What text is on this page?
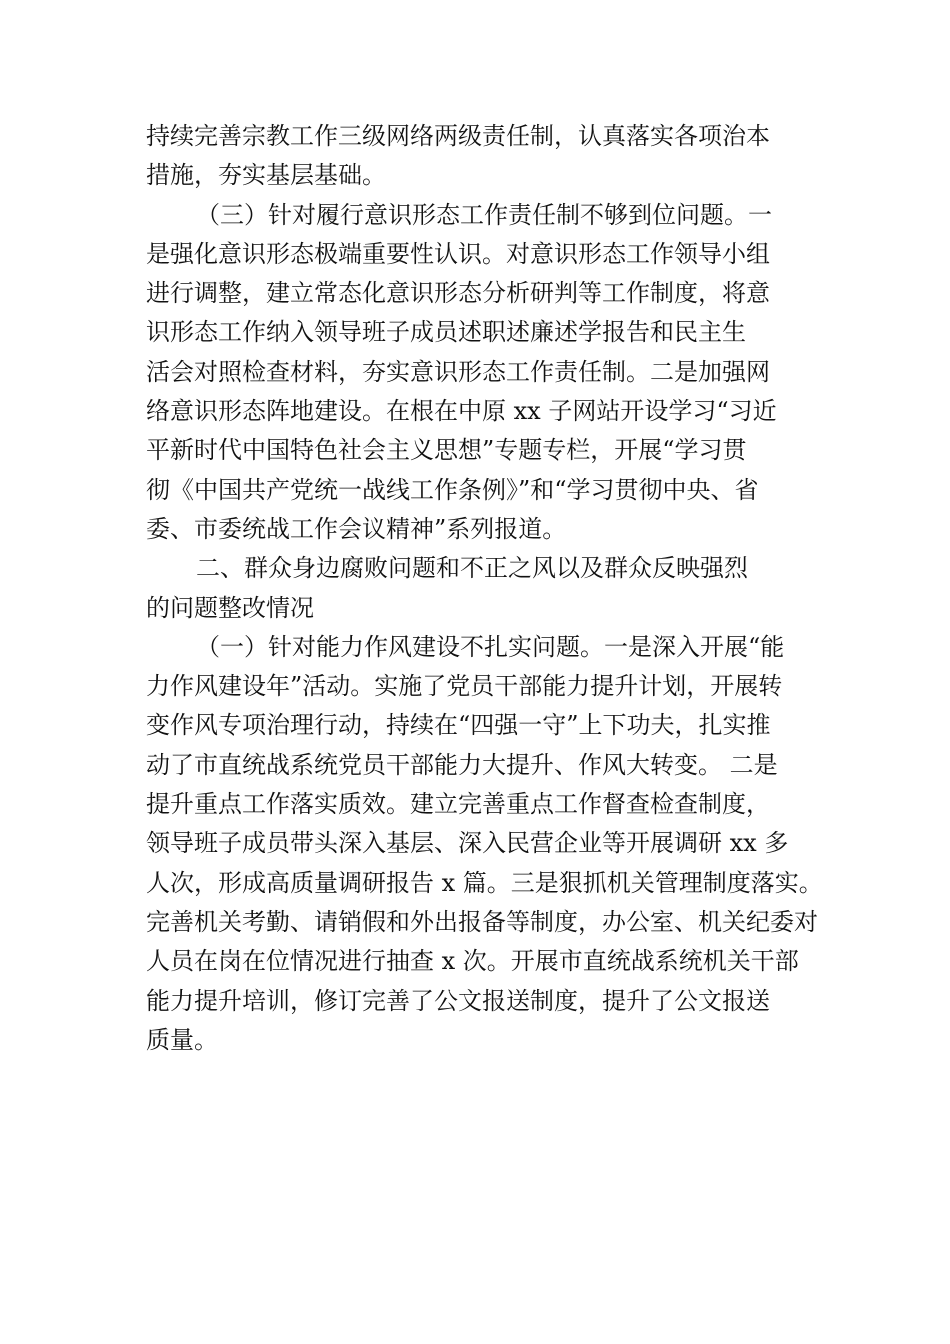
持续完善宗教工作三级网络两级责任制，认真落实各项治本
措施，夯实基层基础。
（三）针对履行意识形态工作责任制不够到位问题。一
是强化意识形态极端重要性认识。对意识形态工作领导小组
进行调整，建立常态化意识形态分析研判等工作制度，将意
识形态工作纳入领导班子成员述职述廉述学报告和民主生
活会对照检查材料，夯实意识形态工作责任制。二是加强网
络意识形态阵地建设。在根在中原 xx 子网站开设学习“习近
平新时代中国特色社会主义思想”专题专栏，开展“学习贯
彻《中国共产党统一战线工作条例》”和“学习贯彻中央、省
委、市委统战工作会议精神”系列报道。
二、群众身边腐败问题和不正之风以及群众反映强烈
的问题整改情况
（一）针对能力作风建设不扎实问题。一是深入开展“能
力作风建设年”活动。实施了党员干部能力提升计划，开展转
变作风专项治理行动，持续在“四强一守”上下功夫，扎实推
动了市直统战系统党员干部能力大提升、作风大转变。 二是
提升重点工作落实质效。建立完善重点工作督查检查制度，
领导班子成员带头深入基层、深入民营企业等开展调研 xx 多
人次，形成高质量调研报告 x 篇。三是狠抓机关管理制度落实。
完善机关考勤、请销假和外出报备等制度，办公室、机关纪委对
人员在岗在位情况进行抽查 x 次。开展市直统战系统机关干部
能力提升培训，修订完善了公文报送制度，提升了公文报送
质量。
